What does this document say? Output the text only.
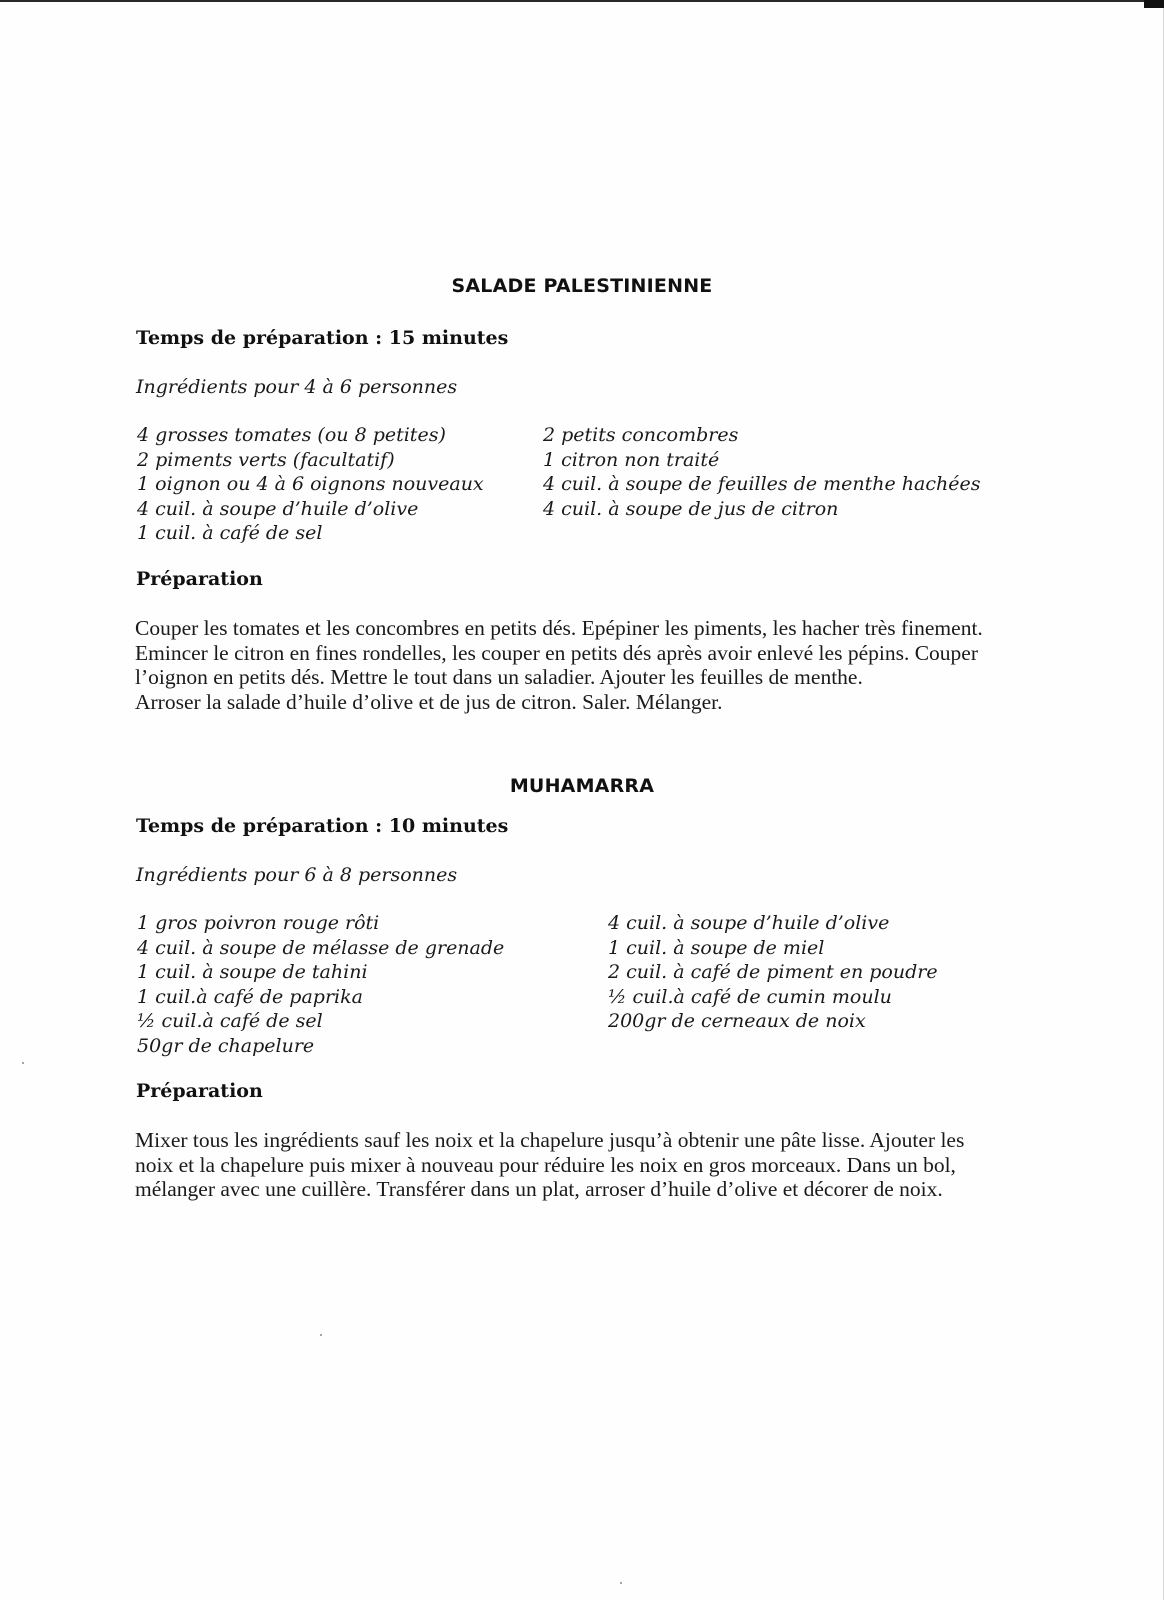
SALADE PALESTINIENNE
Temps de préparation : 15 minutes
Ingrédients pour 4 à 6 personnes
4 grosses tomates (ou 8 petites)
2 piments verts (facultatif)
1 oignon ou 4 à 6 oignons nouveaux
4 cuil. à soupe d’huile d’olive
1 cuil. à café de sel
2 petits concombres
1 citron non traité
4 cuil. à soupe de feuilles de menthe hachées
4 cuil. à soupe de jus de citron
Préparation

Couper les tomates et les concombres en petits dés. Epépiner les piments, les hacher très finement. Emincer le citron en fines rondelles, les couper en petits dés après avoir enlevé les pépins. Couper l’oignon en petits dés. Mettre le tout dans un saladier. Ajouter les feuilles de menthe.

Arroser la salade d’huile d’olive et de jus de citron. Saler. Mélanger.

MUHAMARRA
Temps de préparation : 10 minutes
Ingrédients pour 6 à 8 personnes
1 gros poivron rouge rôti
4 cuil. à soupe de mélasse de grenade
1 cuil. à soupe de tahini
1 cuil.à café de paprika
½ cuil.à café de sel
50gr de chapelure
4 cuil. à soupe d’huile d’olive
1 cuil. à soupe de miel
2 cuil. à café de piment en poudre
½ cuil.à café de cumin moulu
200gr de cerneaux de noix
Préparation

Mixer tous les ingrédients sauf les noix et la chapelure jusqu’à obtenir une pâte lisse. Ajouter les noix et la chapelure puis mixer à nouveau pour réduire les noix en gros morceaux. Dans un bol, mélanger avec une cuillère. Transférer dans un plat, arroser d’huile d’olive et décorer de noix.
